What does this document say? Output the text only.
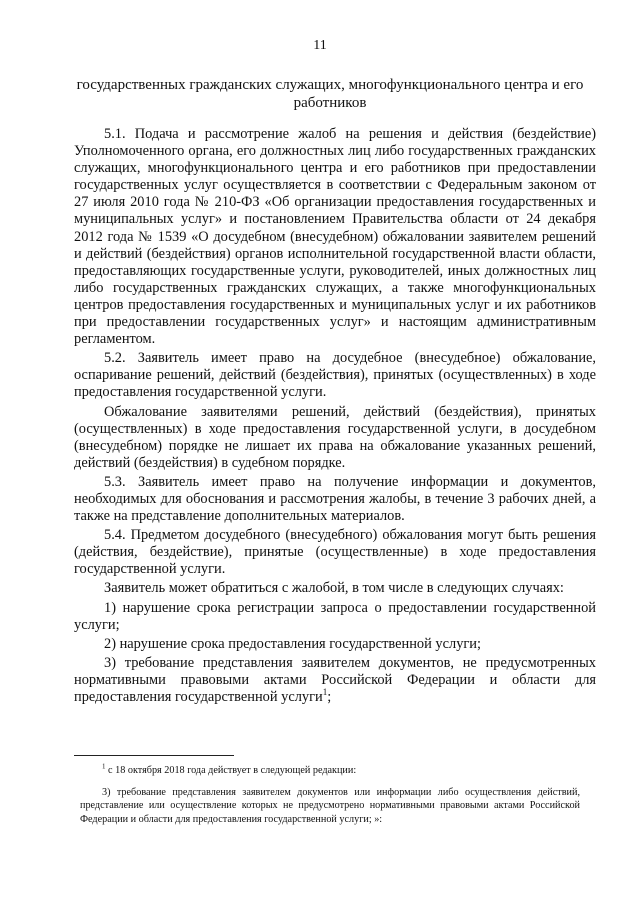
11
государственных гражданских служащих, многофункционального центра и его работников

5.1. Подача и рассмотрение жалоб на решения и действия (бездействие) Уполномоченного органа, его должностных лиц либо государственных гражданских служащих, многофункционального центра и его работников при предоставлении государственных услуг осуществляется в соответствии с Федеральным законом от 27 июля 2010 года № 210-ФЗ «Об организации предоставления государственных и муниципальных услуг» и постановлением Правительства области от 24 декабря 2012 года № 1539 «О досудебном (внесудебном) обжаловании заявителем решений и действий (бездействия) органов исполнительной государственной власти области, предоставляющих государственные услуги, руководителей, иных должностных лиц либо государственных гражданских служащих, а также многофункциональных центров предоставления государственных и муниципальных услуг и их работников при предоставлении государственных услуг» и настоящим административным регламентом.

5.2. Заявитель имеет право на досудебное (внесудебное) обжалование, оспаривание решений, действий (бездействия), принятых (осуществленных) в ходе предоставления государственной услуги.

Обжалование заявителями решений, действий (бездействия), принятых (осуществленных) в ходе предоставления государственной услуги, в досудебном (внесудебном) порядке не лишает их права на обжалование указанных решений, действий (бездействия) в судебном порядке.

5.3. Заявитель имеет право на получение информации и документов, необходимых для обоснования и рассмотрения жалобы, в течение 3 рабочих дней, а также на представление дополнительных материалов.

5.4. Предметом досудебного (внесудебного) обжалования могут быть решения (действия, бездействие), принятые (осуществленные) в ходе предоставления государственной услуги.

Заявитель может обратиться с жалобой, в том числе в следующих случаях:

1) нарушение срока регистрации запроса о предоставлении государственной услуги;

2) нарушение срока предоставления государственной услуги;

3) требование представления заявителем документов, не предусмотренных нормативными правовыми актами Российской Федерации и области для предоставления государственной услуги$^1$;

$^1$ с 18 октября 2018 года действует в следующей редакции:

3) требование представления заявителем документов или информации либо осуществления действий, представление или осуществление которых не предусмотрено нормативными правовыми актами Российской Федерации и области для предоставления государственной услуги; »:
